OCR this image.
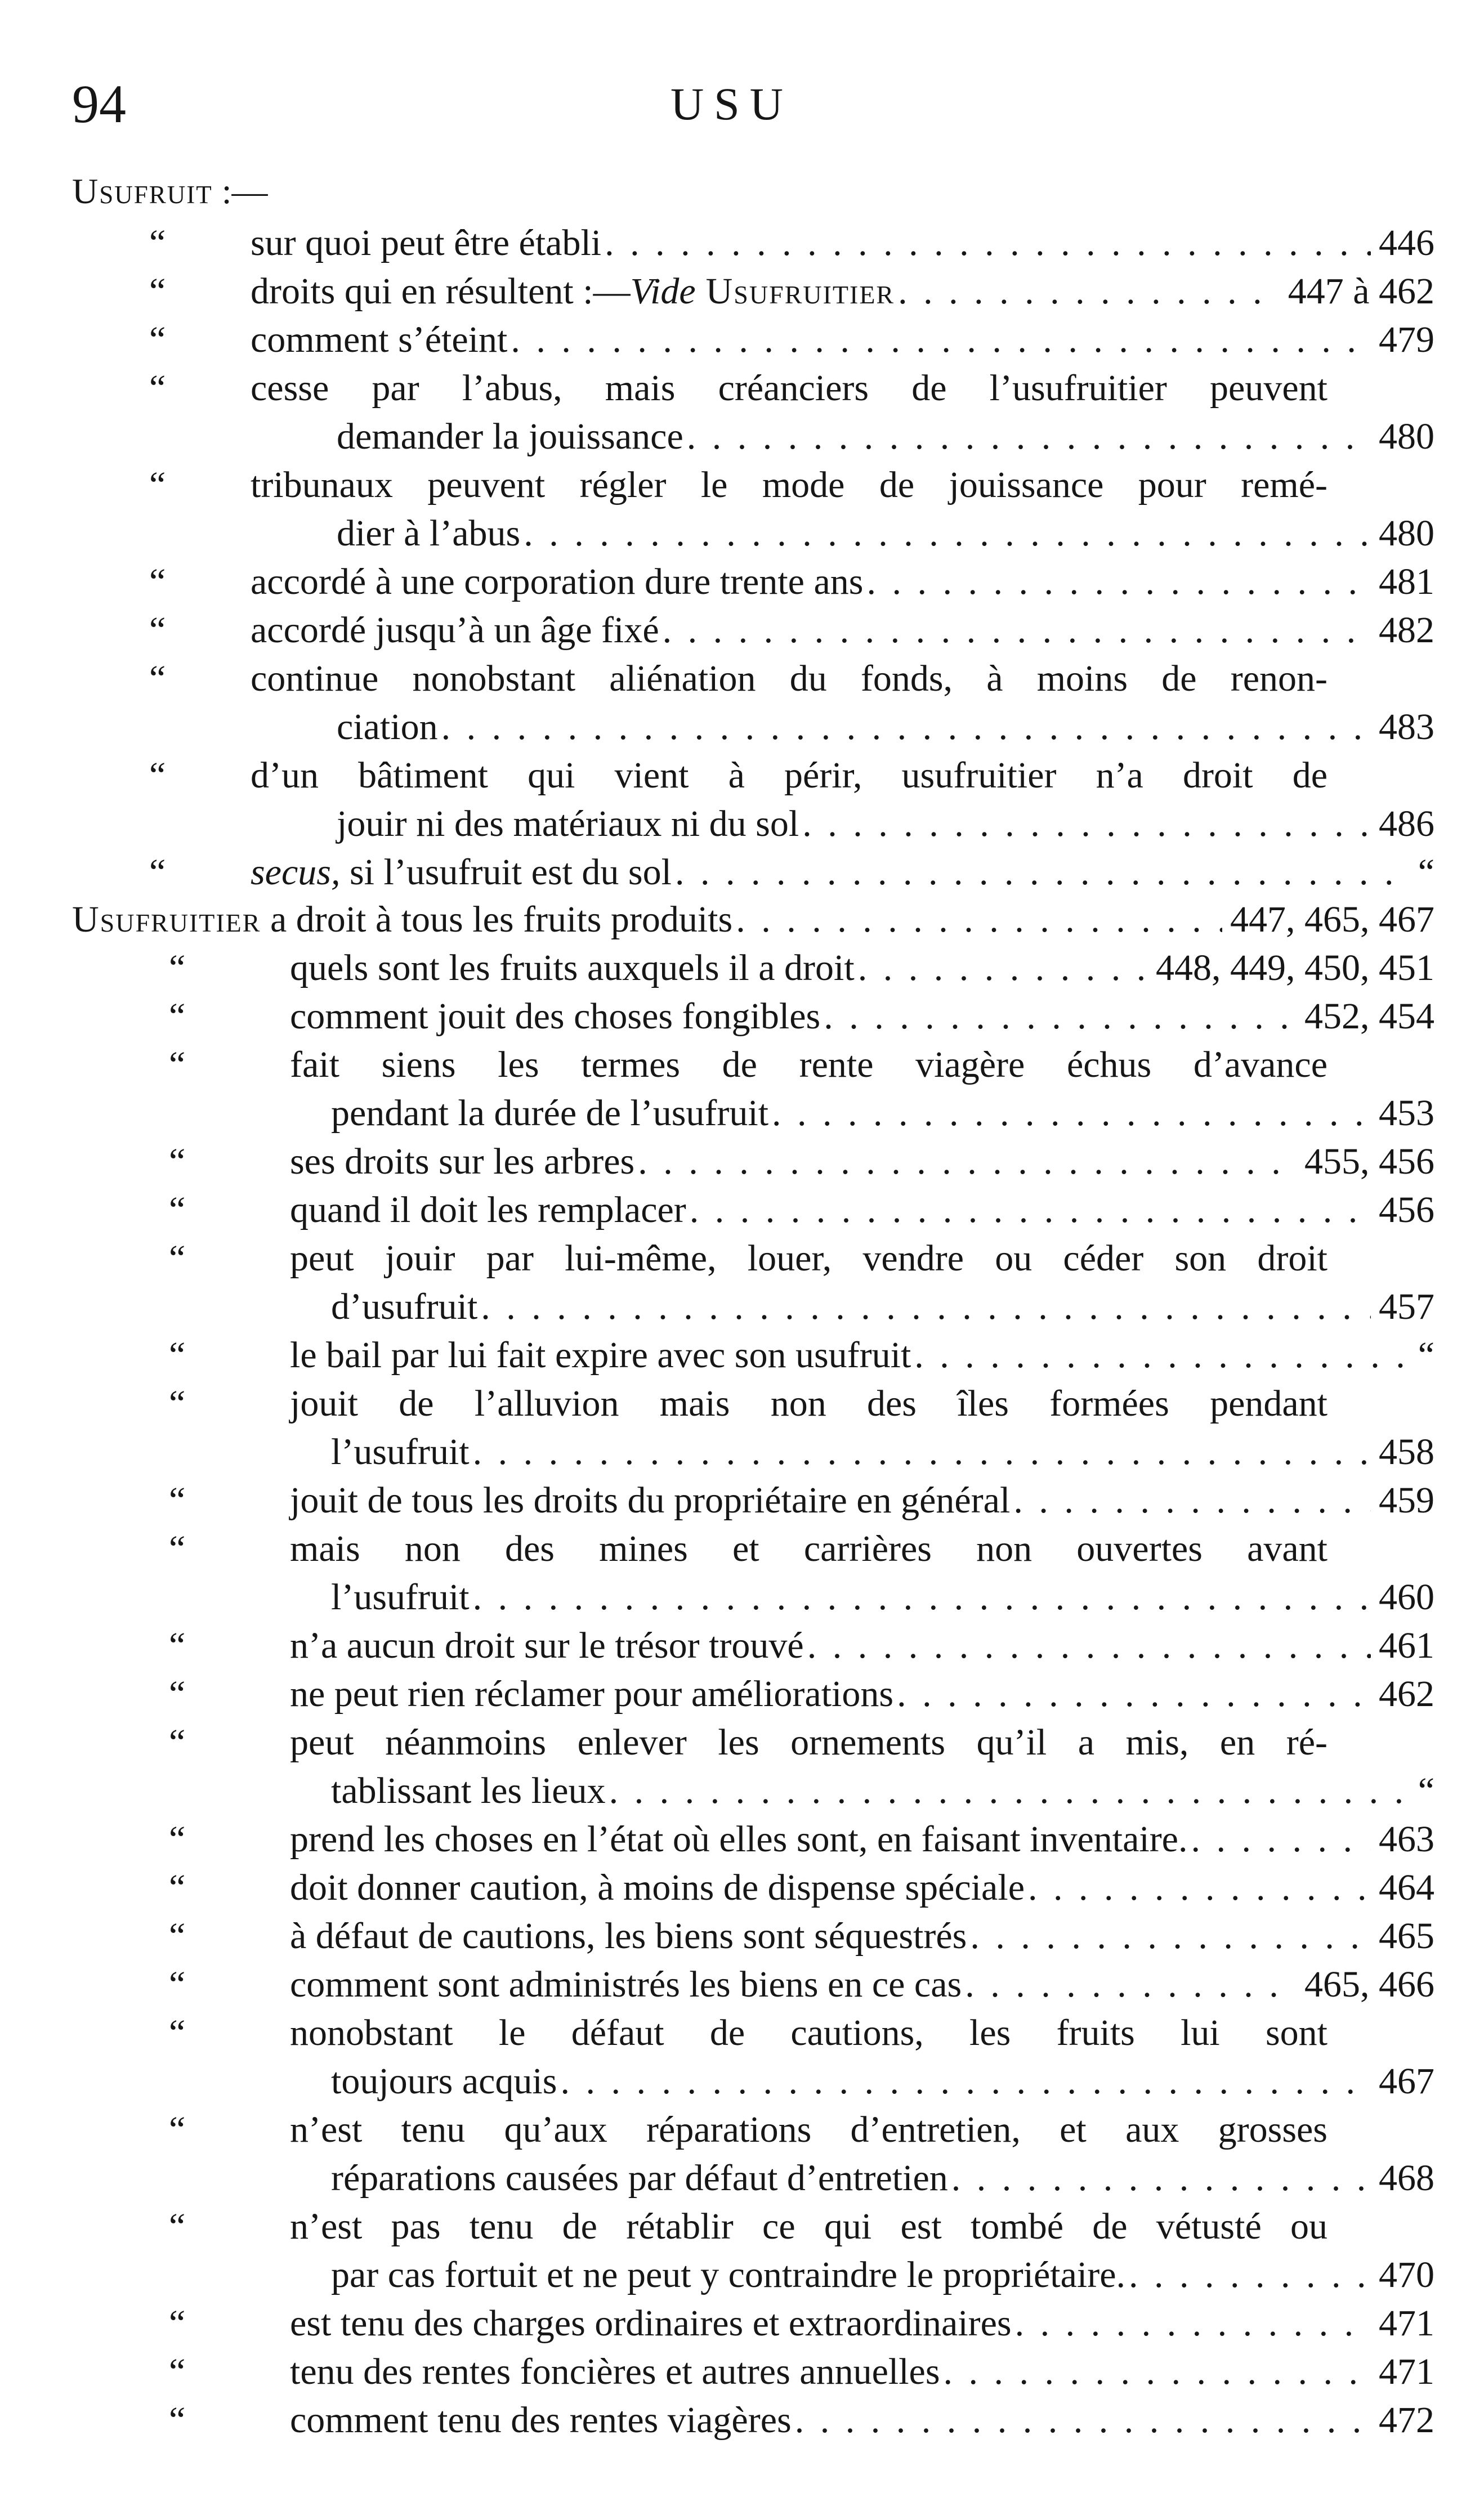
94	USU
Usufruit :—
“ sur quoi peut être établi . . .	446
“ droits qui en résultent :— Vide Usufruitier . . .	447 à 462
“ comment s’éteint . . .	479
“ cesse par l’abus, mais créanciers de l’usufruitier peuvent
demander la jouissance . . .	480
“ tribunaux peuvent régler le mode de jouissance pour remé-
dier à l’abus . . .	480
“ accordé à une corporation dure trente ans . . .	481
“ accordé jusqu’à un âge fixé . . .	482
“ continue nonobstant aliénation du fonds, à moins de renon-
ciation . . .	483
“ d’un bâtiment qui vient à périr, usufruitier n’a droit de
jouir ni des matériaux ni du sol . . .	486
“ secus, si l’usufruit est du sol . . .	“
Usufruitier a droit à tous les fruits produits . . .	447, 465, 467
“	quels sont les fruits auxquels il a droit . . .	448, 449, 450, 451
“	comment jouit des choses fongibles . . .	452, 454
“	fait siens les termes de rente viagère échus d’avance
pendant la durée de l’usufruit . . .	453
“	ses droits sur les arbres . . .	455, 456
“	quand il doit les remplacer . . .	456
“	peut jouir par lui-même, louer, vendre ou céder son droit
d’usufruit . . .	457
“	le bail par lui fait expire avec son usufruit . . .	“
“	jouit de l’alluvion mais non des îles formées pendant
l’usufruit . . .	458
“	jouit de tous les droits du propriétaire en général . . .	459
“	mais non des mines et carrières non ouvertes avant
l’usufruit . . .	460
“	n’a aucun droit sur le trésor trouvé . . .	461
“	ne peut rien réclamer pour améliorations . . .	462
“	peut néanmoins enlever les ornements qu’il a mis, en ré-
tablissant les lieux . . .	“
“	prend les choses en l’état où elles sont, en faisant inventaire. . . .	463
“	doit donner caution, à moins de dispense spéciale . . .	464
“	à défaut de cautions, les biens sont séquestrés . . .	465
“	comment sont administrés les biens en ce cas . . .	465, 466
“	nonobstant le défaut de cautions, les fruits lui sont
toujours acquis . . .	467
“	n’est tenu qu’aux réparations d’entretien, et aux grosses
réparations causées par défaut d’entretien . . .	468
“	n’est pas tenu de rétablir ce qui est tombé de vétusté ou
par cas fortuit et ne peut y contraindre le propriétaire. . . .	470
“	est tenu des charges ordinaires et extraordinaires . . .	471
“	tenu des rentes foncières et autres annuelles . . .	471
“	comment tenu des rentes viagères . . .	472
